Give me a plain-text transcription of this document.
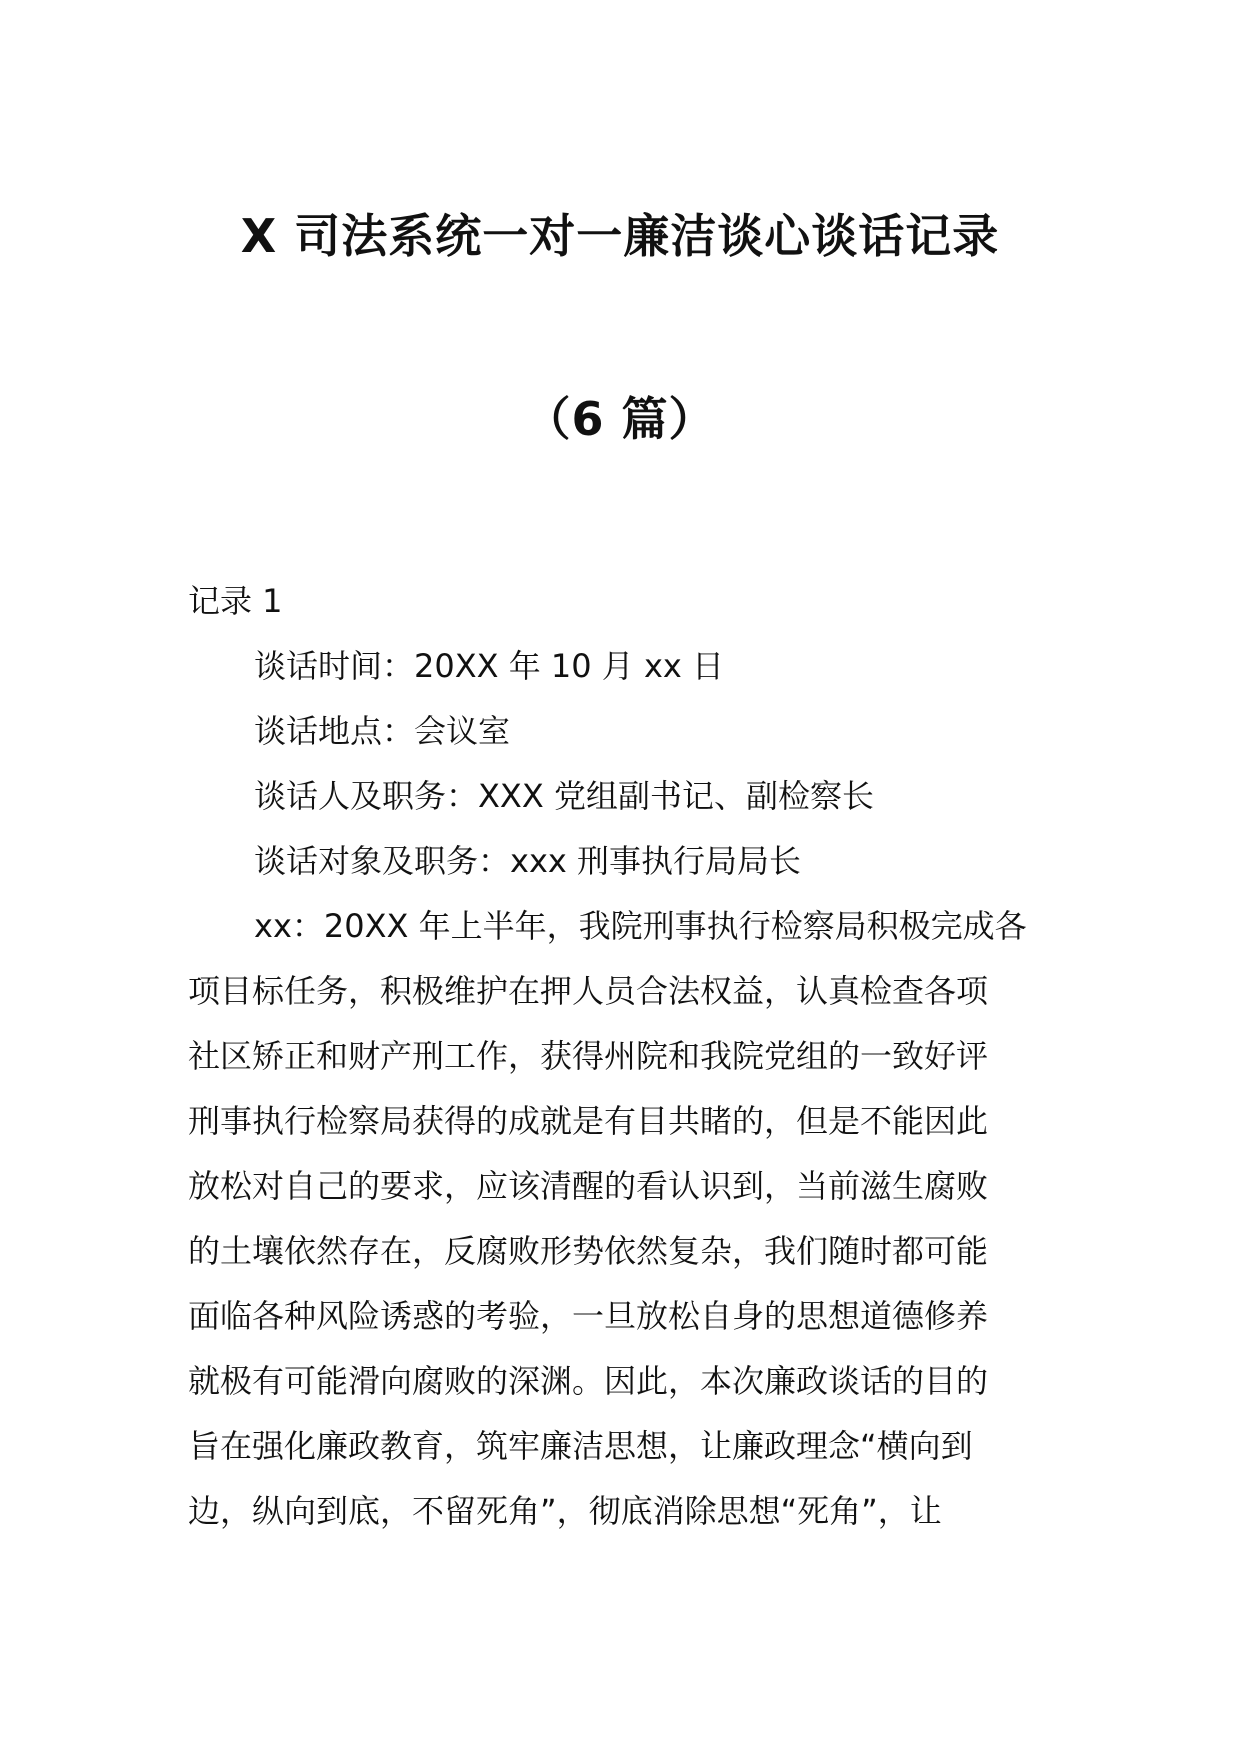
X 司法系统一对一廉洁谈心谈话记录
（6 篇）
记录 1
谈话时间：20XX 年 10 月 xx 日
谈话地点：会议室
谈话人及职务：XXX 党组副书记、副检察长
谈话对象及职务：xxx 刑事执行局局长
xx：20XX 年上半年，我院刑事执行检察局积极完成各
项目标任务，积极维护在押人员合法权益，认真检查各项
社区矫正和财产刑工作，获得州院和我院党组的一致好评
刑事执行检察局获得的成就是有目共睹的，但是不能因此
放松对自己的要求，应该清醒的看认识到，当前滋生腐败
的土壤依然存在，反腐败形势依然复杂，我们随时都可能
面临各种风险诱惑的考验，一旦放松自身的思想道德修养
就极有可能滑向腐败的深渊。因此，本次廉政谈话的目的
旨在强化廉政教育，筑牢廉洁思想，让廉政理念“横向到
边，纵向到底，不留死角”，彻底消除思想“死角”，让
